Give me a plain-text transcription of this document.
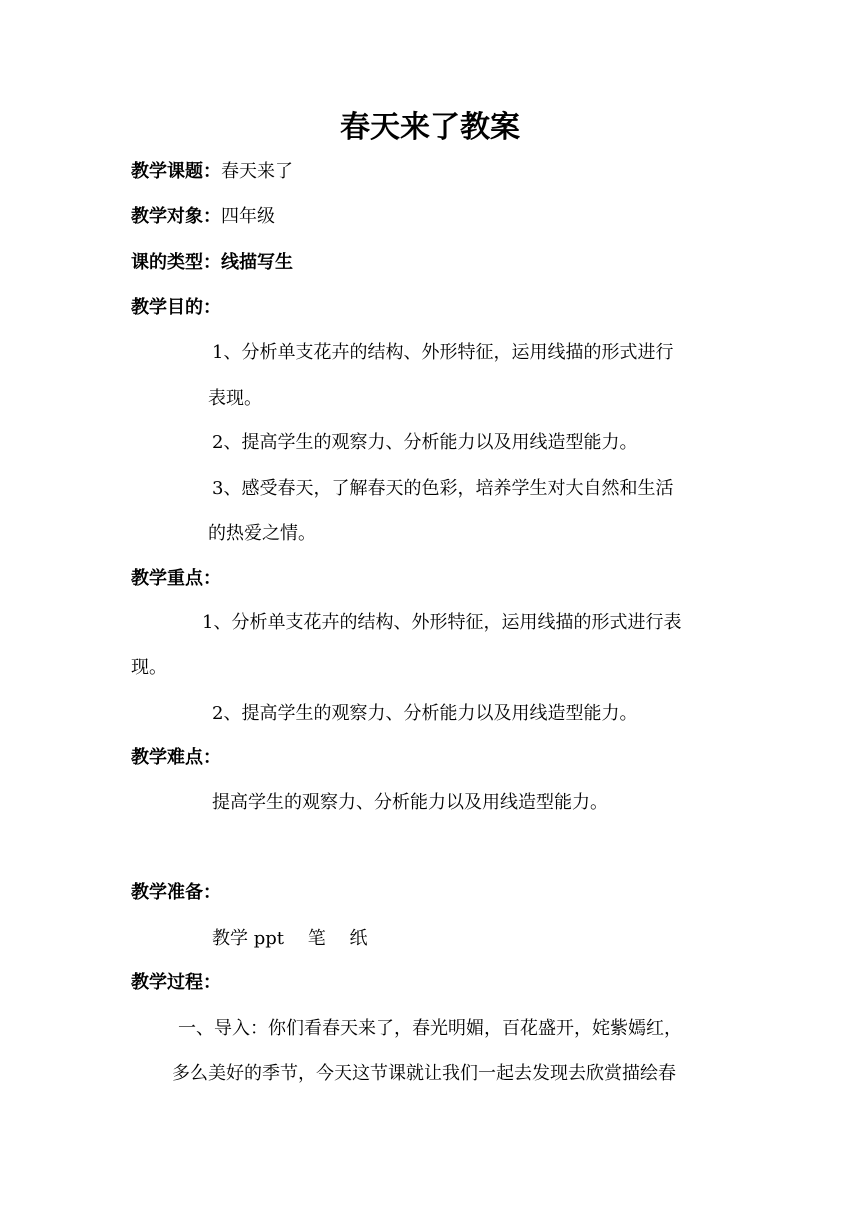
春天来了教案
教学课题：春天来了
教学对象：四年级
课的类型：线描写生
教学目的：
1、分析单支花卉的结构、外形特征，运用线描的形式进行
表现。
2、提高学生的观察力、分析能力以及用线造型能力。
3、感受春天，了解春天的色彩，培养学生对大自然和生活
的热爱之情。
教学重点：
1、分析单支花卉的结构、外形特征，运用线描的形式进行表
现。
2、提高学生的观察力、分析能力以及用线造型能力。
教学难点：
提高学生的观察力、分析能力以及用线造型能力。
教学准备：
教学 ppt　 笔　 纸
教学过程：
一、导入：你们看春天来了，春光明媚，百花盛开，姹紫嫣红，
多么美好的季节，今天这节课就让我们一起去发现去欣赏描绘春
